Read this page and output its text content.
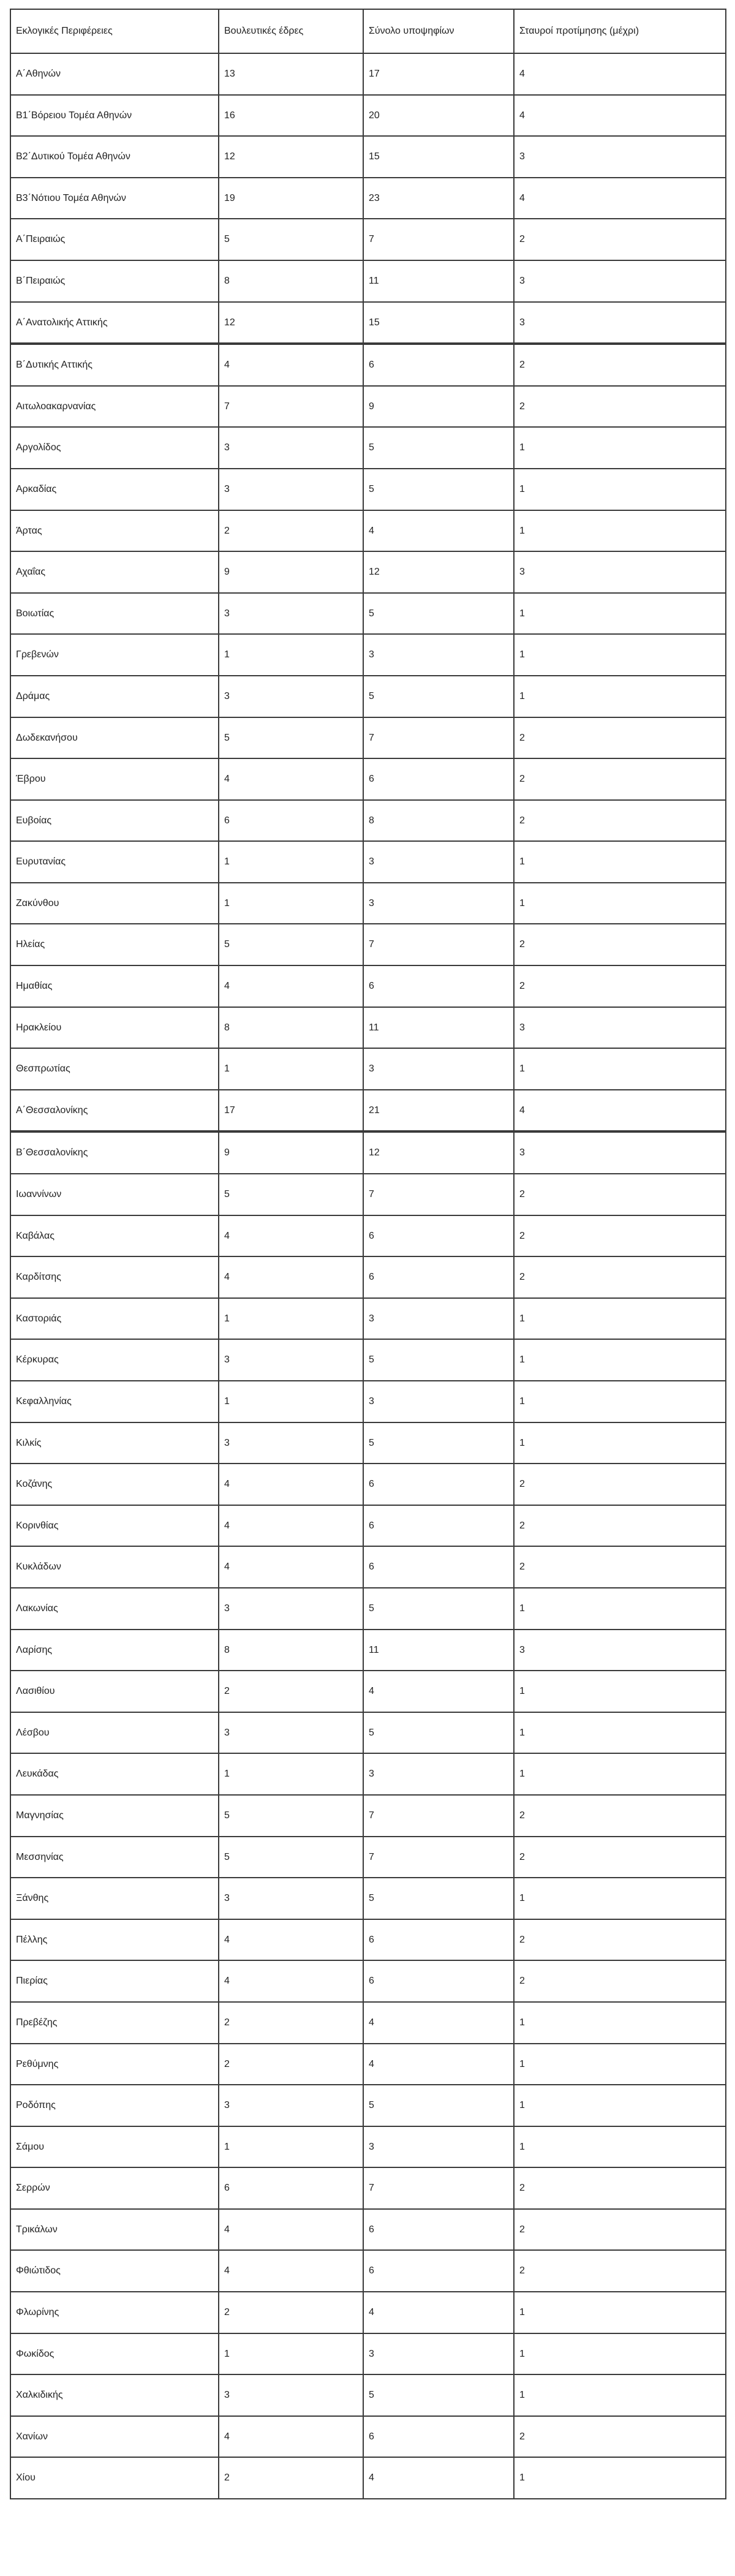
Εκλογικές Περιφέρειες	Βουλευτικές έδρες	Σύνολο υποψηφίων	Σταυροί προτίμησης (μέχρι)
Α΄Αθηνών	13	17	4
Β1΄Βόρειου Τομέα Αθηνών	16	20	4
Β2΄Δυτικού Τομέα Αθηνών	12	15	3
Β3΄Νότιου Τομέα Αθηνών	19	23	4
Α΄Πειραιώς	5	7	2
Β΄Πειραιώς	8	11	3
Α΄Ανατολικής Αττικής	12	15	3
Β΄Δυτικής Αττικής	4	6	2
Αιτωλοακαρνανίας	7	9	2
Αργολίδος	3	5	1
Αρκαδίας	3	5	1
Άρτας	2	4	1
Αχαΐας	9	12	3
Βοιωτίας	3	5	1
Γρεβενών	1	3	1
Δράμας	3	5	1
Δωδεκανήσου	5	7	2
Έβρου	4	6	2
Ευβοίας	6	8	2
Ευρυτανίας	1	3	1
Ζακύνθου	1	3	1
Ηλείας	5	7	2
Ημαθίας	4	6	2
Ηρακλείου	8	11	3
Θεσπρωτίας	1	3	1
Α΄Θεσσαλονίκης	17	21	4
Β΄Θεσσαλονίκης	9	12	3
Ιωαννίνων	5	7	2
Καβάλας	4	6	2
Καρδίτσης	4	6	2
Καστοριάς	1	3	1
Κέρκυρας	3	5	1
Κεφαλληνίας	1	3	1
Κιλκίς	3	5	1
Κοζάνης	4	6	2
Κορινθίας	4	6	2
Κυκλάδων	4	6	2
Λακωνίας	3	5	1
Λαρίσης	8	11	3
Λασιθίου	2	4	1
Λέσβου	3	5	1
Λευκάδας	1	3	1
Μαγνησίας	5	7	2
Μεσσηνίας	5	7	2
Ξάνθης	3	5	1
Πέλλης	4	6	2
Πιερίας	4	6	2
Πρεβέζης	2	4	1
Ρεθύμνης	2	4	1
Ροδόπης	3	5	1
Σάμου	1	3	1
Σερρών	6	7	2
Τρικάλων	4	6	2
Φθιώτιδος	4	6	2
Φλωρίνης	2	4	1
Φωκίδος	1	3	1
Χαλκιδικής	3	5	1
Χανίων	4	6	2
Χίου	2	4	1
